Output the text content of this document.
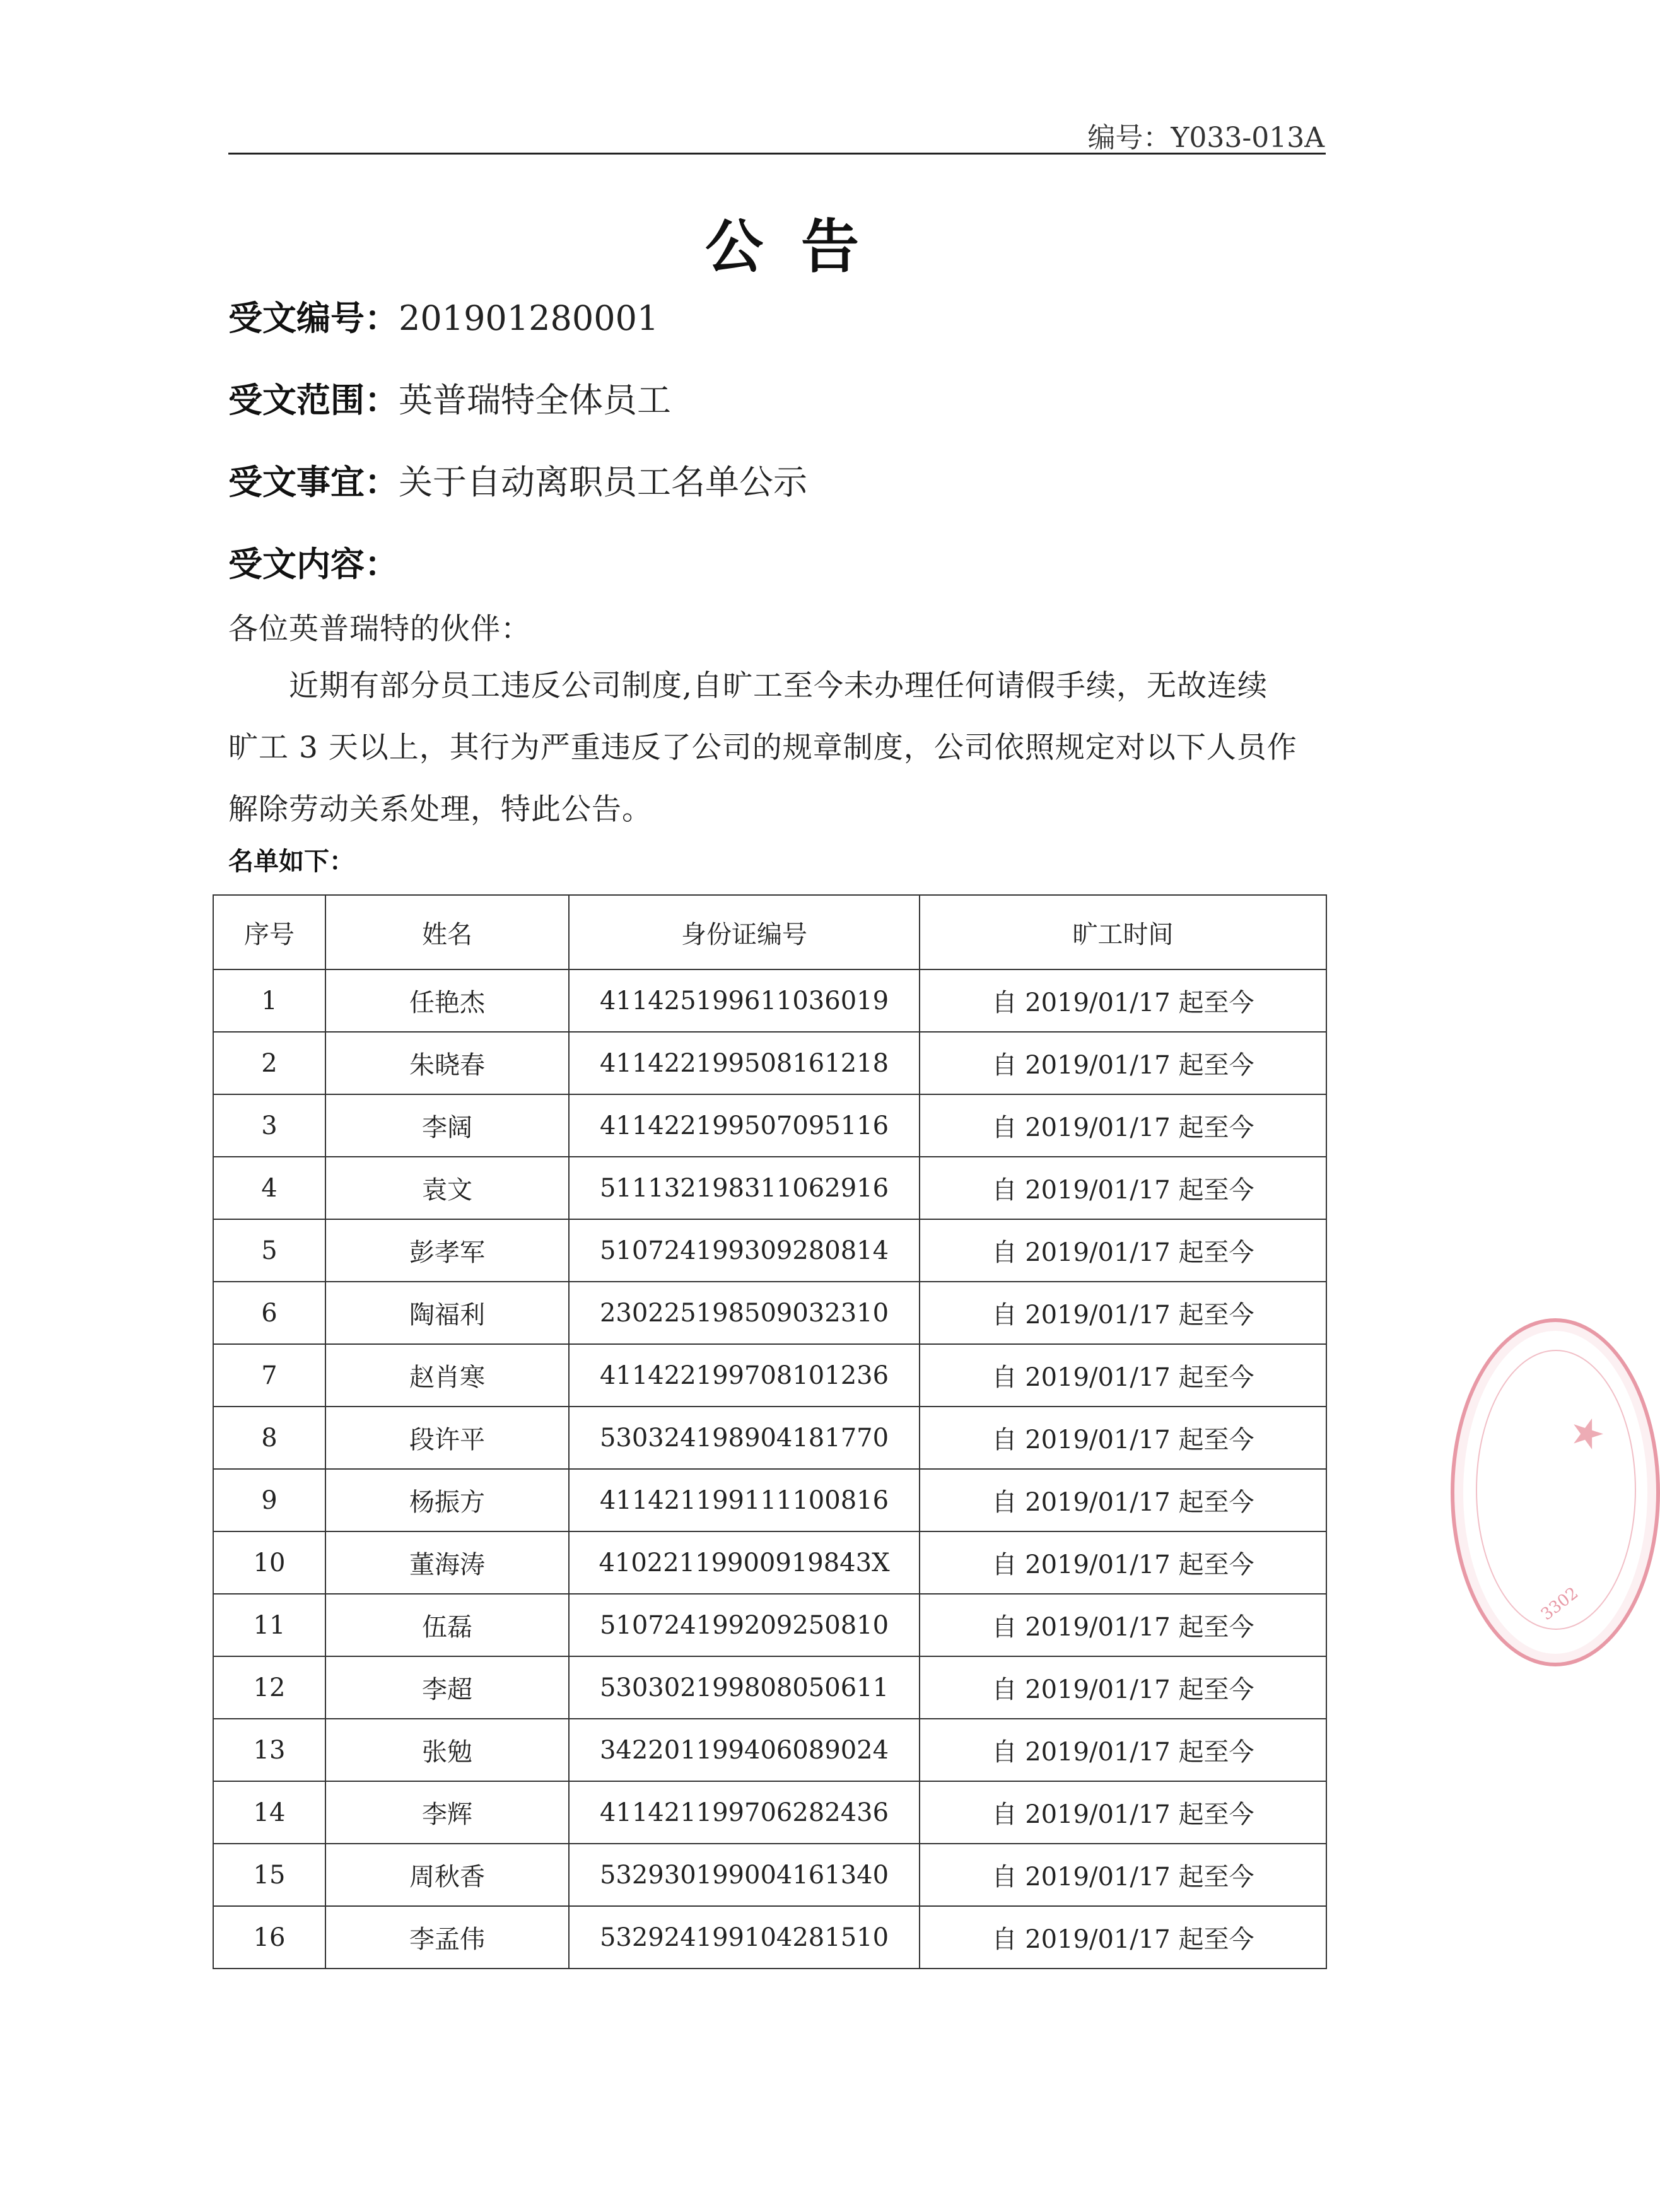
编号：Y033-013A
公告
受文编号：201901280001
受文范围：英普瑞特全体员工
受文事宜：关于自动离职员工名单公示
受文内容：
各位英普瑞特的伙伴：
近期有部分员工违反公司制度,自旷工至今未办理任何请假手续，无故连续
旷工 3 天以上，其行为严重违反了公司的规章制度，公司依照规定对以下人员作
解除劳动关系处理，特此公告。
名单如下：
序号	姓名	身份证编号	旷工时间
1	任艳杰	411425199611036019	自 2019/01/17 起至今
2	朱晓春	411422199508161218	自 2019/01/17 起至今
3	李阔	411422199507095116	自 2019/01/17 起至今
4	袁文	511132198311062916	自 2019/01/17 起至今
5	彭孝军	510724199309280814	自 2019/01/17 起至今
6	陶福利	230225198509032310	自 2019/01/17 起至今
7	赵肖寒	411422199708101236	自 2019/01/17 起至今
8	段许平	530324198904181770	自 2019/01/17 起至今
9	杨振方	411421199111100816	自 2019/01/17 起至今
10	董海涛	41022119900919843X	自 2019/01/17 起至今
11	伍磊	510724199209250810	自 2019/01/17 起至今
12	李超	530302199808050611	自 2019/01/17 起至今
13	张勉	342201199406089024	自 2019/01/17 起至今
14	李辉	411421199706282436	自 2019/01/17 起至今
15	周秋香	532930199004161340	自 2019/01/17 起至今
16	李孟伟	532924199104281510	自 2019/01/17 起至今
★
3302
